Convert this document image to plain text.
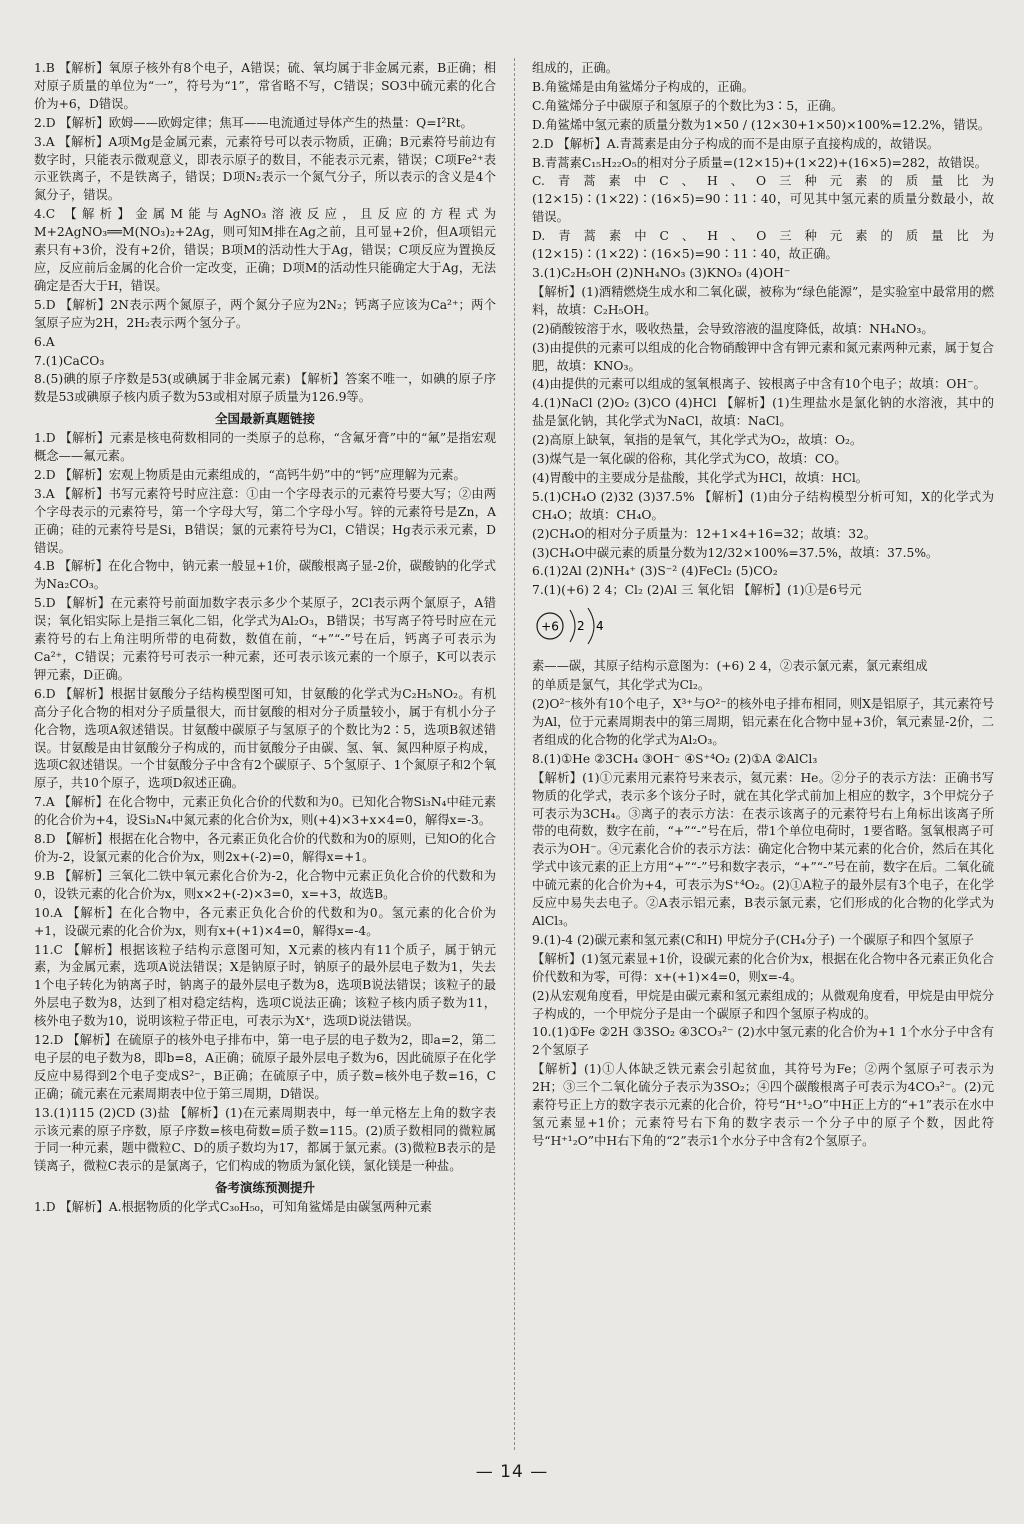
1.B 【解析】氧原子核外有8个电子，A错误；硫、氧均属于非金属元素，B正确；相对原子质量的单位为“一”，符号为“1”，常省略不写，C错误；SO3中硫元素的化合价为+6，D错误。

2.D 【解析】欧姆——欧姆定律；焦耳——电流通过导体产生的热量：Q=I²Rt。

3.A 【解析】A项Mg是金属元素，元素符号可以表示物质，正确；B元素符号前边有数字时，只能表示微观意义，即表示原子的数目，不能表示元素，错误；C项Fe²⁺表示亚铁离子，不是铁离子，错误；D项N₂表示一个氮气分子，所以表示的含义是4个氮分子，错误。

4.C 【解析】金属M能与AgNO₃溶液反应，且反应的方程式为M+2AgNO₃══M(NO₃)₂+2Ag，则可知M排在Ag之前，且可显+2价，但A项铝元素只有+3价，没有+2价，错误；B项M的活动性大于Ag，错误；C项反应为置换反应，反应前后金属的化合价一定改变，正确；D项M的活动性只能确定大于Ag，无法确定是否大于H，错误。

5.D 【解析】2N表示两个氮原子，两个氮分子应为2N₂；钙离子应该为Ca²⁺；两个氢原子应为2H，2H₂表示两个氢分子。

6.A

7.(1)CaCO₃

8.(5)碘的原子序数是53(或碘属于非金属元素) 【解析】答案不唯一，如碘的原子序数是53或碘原子核内质子数为53或相对原子质量为126.9等。

全国最新真题链接

1.D 【解析】元素是核电荷数相同的一类原子的总称，“含氟牙膏”中的“氟”是指宏观概念——氟元素。

2.D 【解析】宏观上物质是由元素组成的，“高钙牛奶”中的“钙”应理解为元素。

3.A 【解析】书写元素符号时应注意：①由一个字母表示的元素符号要大写；②由两个字母表示的元素符号，第一个字母大写，第二个字母小写。锌的元素符号是Zn，A正确；硅的元素符号是Si，B错误；氯的元素符号为Cl，C错误；Hg表示汞元素，D错误。

4.B 【解析】在化合物中，钠元素一般显+1价，碳酸根离子显-2价，碳酸钠的化学式为Na₂CO₃。

5.D 【解析】在元素符号前面加数字表示多少个某原子，2Cl表示两个氯原子，A错误；氧化铝实际上是指三氧化二铝，化学式为Al₂O₃，B错误；书写离子符号时应在元素符号的右上角注明所带的电荷数，数值在前，“+”“-”号在后，钙离子可表示为Ca²⁺，C错误；元素符号可表示一种元素，还可表示该元素的一个原子，K可以表示钾元素，D正确。

6.D 【解析】根据甘氨酸分子结构模型图可知，甘氨酸的化学式为C₂H₅NO₂。有机高分子化合物的相对分子质量很大，而甘氨酸的相对分子质量较小，属于有机小分子化合物，选项A叙述错误。甘氨酸中碳原子与氢原子的个数比为2∶5，选项B叙述错误。甘氨酸是由甘氨酸分子构成的，而甘氨酸分子由碳、氢、氧、氮四种原子构成，选项C叙述错误。一个甘氨酸分子中含有2个碳原子、5个氢原子、1个氮原子和2个氧原子，共10个原子，选项D叙述正确。

7.A 【解析】在化合物中，元素正负化合价的代数和为0。已知化合物Si₃N₄中硅元素的化合价为+4，设Si₃N₄中氮元素的化合价为x，则(+4)×3+x×4=0，解得x=-3。

8.D 【解析】根据在化合物中，各元素正负化合价的代数和为0的原则，已知O的化合价为-2，设氯元素的化合价为x，则2x+(-2)=0，解得x=+1。

9.B 【解析】三氧化二铁中氧元素化合价为-2，化合物中元素正负化合价的代数和为0，设铁元素的化合价为x，则x×2+(-2)×3=0，x=+3，故选B。

10.A 【解析】在化合物中，各元素正负化合价的代数和为0。氢元素的化合价为+1，设碳元素的化合价为x，则有x+(+1)×4=0，解得x=-4。

11.C 【解析】根据该粒子结构示意图可知，X元素的核内有11个质子，属于钠元素，为金属元素，选项A说法错误；X是钠原子时，钠原子的最外层电子数为1，失去1个电子转化为钠离子时，钠离子的最外层电子数为8，选项B说法错误；该粒子的最外层电子数为8，达到了相对稳定结构，选项C说法正确；该粒子核内质子数为11，核外电子数为10，说明该粒子带正电，可表示为X⁺，选项D说法错误。

12.D 【解析】在硫原子的核外电子排布中，第一电子层的电子数为2，即a=2，第二电子层的电子数为8，即b=8，A正确；硫原子最外层电子数为6，因此硫原子在化学反应中易得到2个电子变成S²⁻，B正确；在硫原子中，质子数=核外电子数=16，C正确；硫元素在元素周期表中位于第三周期，D错误。

13.(1)115 (2)CD (3)盐 【解析】(1)在元素周期表中，每一单元格左上角的数字表示该元素的原子序数，原子序数=核电荷数=质子数=115。(2)质子数相同的微粒属于同一种元素，题中微粒C、D的质子数均为17，都属于氯元素。(3)微粒B表示的是镁离子，微粒C表示的是氯离子，它们构成的物质为氯化镁，氯化镁是一种盐。

备考演练预测提升

1.D 【解析】A.根据物质的化学式C₃₀H₅₀，可知角鲨烯是由碳氢两种元素

组成的，正确。

B.角鲨烯是由角鲨烯分子构成的，正确。

C.角鲨烯分子中碳原子和氢原子的个数比为3∶5，正确。

D.角鲨烯中氢元素的质量分数为1×50 / (12×30+1×50)×100%=12.2%，错误。

2.D 【解析】A.青蒿素是由分子构成的而不是由原子直接构成的，故错误。

B.青蒿素C₁₅H₂₂O₅的相对分子质量=(12×15)+(1×22)+(16×5)=282，故错误。

C.青蒿素中C、H、O三种元素的质量比为(12×15)∶(1×22)∶(16×5)=90∶11∶40，可见其中氢元素的质量分数最小，故错误。

D.青蒿素中C、H、O三种元素的质量比为(12×15)∶(1×22)∶(16×5)=90∶11∶40，故正确。

3.(1)C₂H₅OH (2)NH₄NO₃ (3)KNO₃ (4)OH⁻

【解析】(1)酒精燃烧生成水和二氧化碳，被称为“绿色能源”，是实验室中最常用的燃料，故填：C₂H₅OH。

(2)硝酸铵溶于水，吸收热量，会导致溶液的温度降低，故填：NH₄NO₃。

(3)由提供的元素可以组成的化合物硝酸钾中含有钾元素和氮元素两种元素，属于复合肥，故填：KNO₃。

(4)由提供的元素可以组成的氢氧根离子、铵根离子中含有10个电子；故填：OH⁻。

4.(1)NaCl (2)O₂ (3)CO (4)HCl 【解析】(1)生理盐水是氯化钠的水溶液，其中的盐是氯化钠，其化学式为NaCl，故填：NaCl。

(2)高原上缺氧，氧指的是氧气，其化学式为O₂，故填：O₂。

(3)煤气是一氧化碳的俗称，其化学式为CO，故填：CO。

(4)胃酸中的主要成分是盐酸，其化学式为HCl，故填：HCl。

5.(1)CH₄O (2)32 (3)37.5% 【解析】(1)由分子结构模型分析可知，X的化学式为CH₄O；故填：CH₄O。

(2)CH₄O的相对分子质量为：12+1×4+16=32；故填：32。

(3)CH₄O中碳元素的质量分数为12/32×100%=37.5%，故填：37.5%。

6.(1)2Al (2)NH₄⁺ (3)S⁻² (4)FeCl₂ (5)CO₂

7.(1)(+6) 2 4；Cl₂ (2)Al 三 氧化铝 【解析】(1)①是6号元

+6 2 4

素——碳，其原子结构示意图为：(+6) 2 4，②表示氯元素，氯元素组成

的单质是氯气，其化学式为Cl₂。

(2)O²⁻核外有10个电子，X³⁺与O²⁻的核外电子排布相同，则X是铝原子，其元素符号为Al，位于元素周期表中的第三周期，铝元素在化合物中显+3价，氧元素显-2价，二者组成的化合物的化学式为Al₂O₃。

8.(1)①He ②3CH₄ ③OH⁻ ④S⁺⁴O₂ (2)①A ②AlCl₃

【解析】(1)①元素用元素符号来表示，氦元素：He。②分子的表示方法：正确书写物质的化学式，表示多个该分子时，就在其化学式前加上相应的数字，3个甲烷分子可表示为3CH₄。③离子的表示方法：在表示该离子的元素符号右上角标出该离子所带的电荷数，数字在前，“+”“-”号在后，带1个单位电荷时，1要省略。氢氧根离子可表示为OH⁻。④元素化合价的表示方法：确定化合物中某元素的化合价，然后在其化学式中该元素的正上方用“+”“-”号和数字表示，“+”“-”号在前，数字在后。二氧化硫中硫元素的化合价为+4，可表示为S⁺⁴O₂。(2)①A粒子的最外层有3个电子，在化学反应中易失去电子。②A表示铝元素，B表示氯元素，它们形成的化合物的化学式为AlCl₃。

9.(1)-4 (2)碳元素和氢元素(C和H) 甲烷分子(CH₄分子) 一个碳原子和四个氢原子

【解析】(1)氢元素显+1价，设碳元素的化合价为x，根据在化合物中各元素正负化合价代数和为零，可得：x+(+1)×4=0，则x=-4。

(2)从宏观角度看，甲烷是由碳元素和氢元素组成的；从微观角度看，甲烷是由甲烷分子构成的，一个甲烷分子是由一个碳原子和四个氢原子构成的。

10.(1)①Fe ②2H ③3SO₂ ④3CO₃²⁻ (2)水中氢元素的化合价为+1 1个水分子中含有2个氢原子

【解析】(1)①人体缺乏铁元素会引起贫血，其符号为Fe；②两个氢原子可表示为2H；③三个二氧化硫分子表示为3SO₂；④四个碳酸根离子可表示为4CO₃²⁻。(2)元素符号正上方的数字表示元素的化合价，符号“H⁺¹₂O”中H正上方的“+1”表示在水中氢元素显+1价；元素符号右下角的数字表示一个分子中的原子个数，因此符号“H⁺¹₂O”中H右下角的“2”表示1个水分子中含有2个氢原子。

— 14 —
